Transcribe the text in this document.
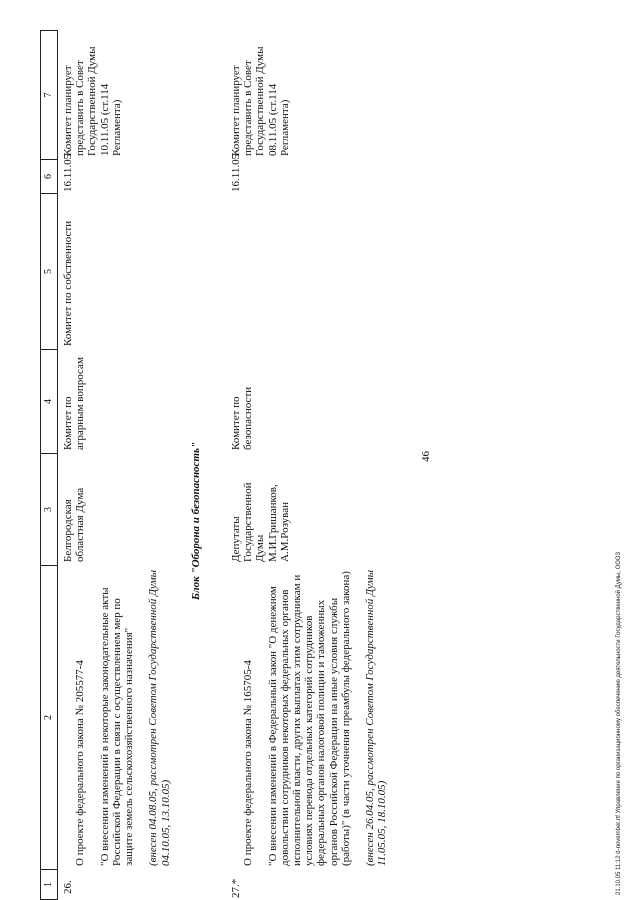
1
2
3
4
5
6
7
26.

О проекте федерального закона № 205577-4 "О внесении изменений в некоторые законодательные акты Российской Федерации в связи с осуществлением мер по защите земель сельскохозяйственного назначения" (внесен 04.08.05, рассмотрен Советом Государственной Думы 04.10.05, 13.10.05)

Белгородская областная Дума
Комитет по аграрным вопросам
Комитет по собственности
16.11.05
Комитет планирует представить в Совет Государственной Думы 10.11.05 (ст.114 Регламента)
Блок "Оборона и безопасность"
27.*

О проекте федерального закона № 165705-4 "О внесении изменений в Федеральный закон "О денежном довольствии сотрудников некоторых федеральных органов исполнительной власти, других выплатах этим сотрудникам и условиях перевода отдельных категорий сотрудников федеральных органов налоговой полиции и таможенных органов Российской Федерации на иные условия службы (работы)" (в части уточнения преамбулы федерального закона) (внесен 26.04.05, рассмотрен Советом Государственной Думы 11.05.05, 18.10.05)

Депутаты Государственной Думы М.И.Гришанков, А.М.Розуван
Комитет по безопасности
16.11.05
Комитет планирует представить в Совет Государственной Думы 08.11.05 (ст.114 Регламента)
46
21.10.05 11:12 d-november.rtf Управление по организационному обеспечению деятельности Государственной Думы, ООО3
